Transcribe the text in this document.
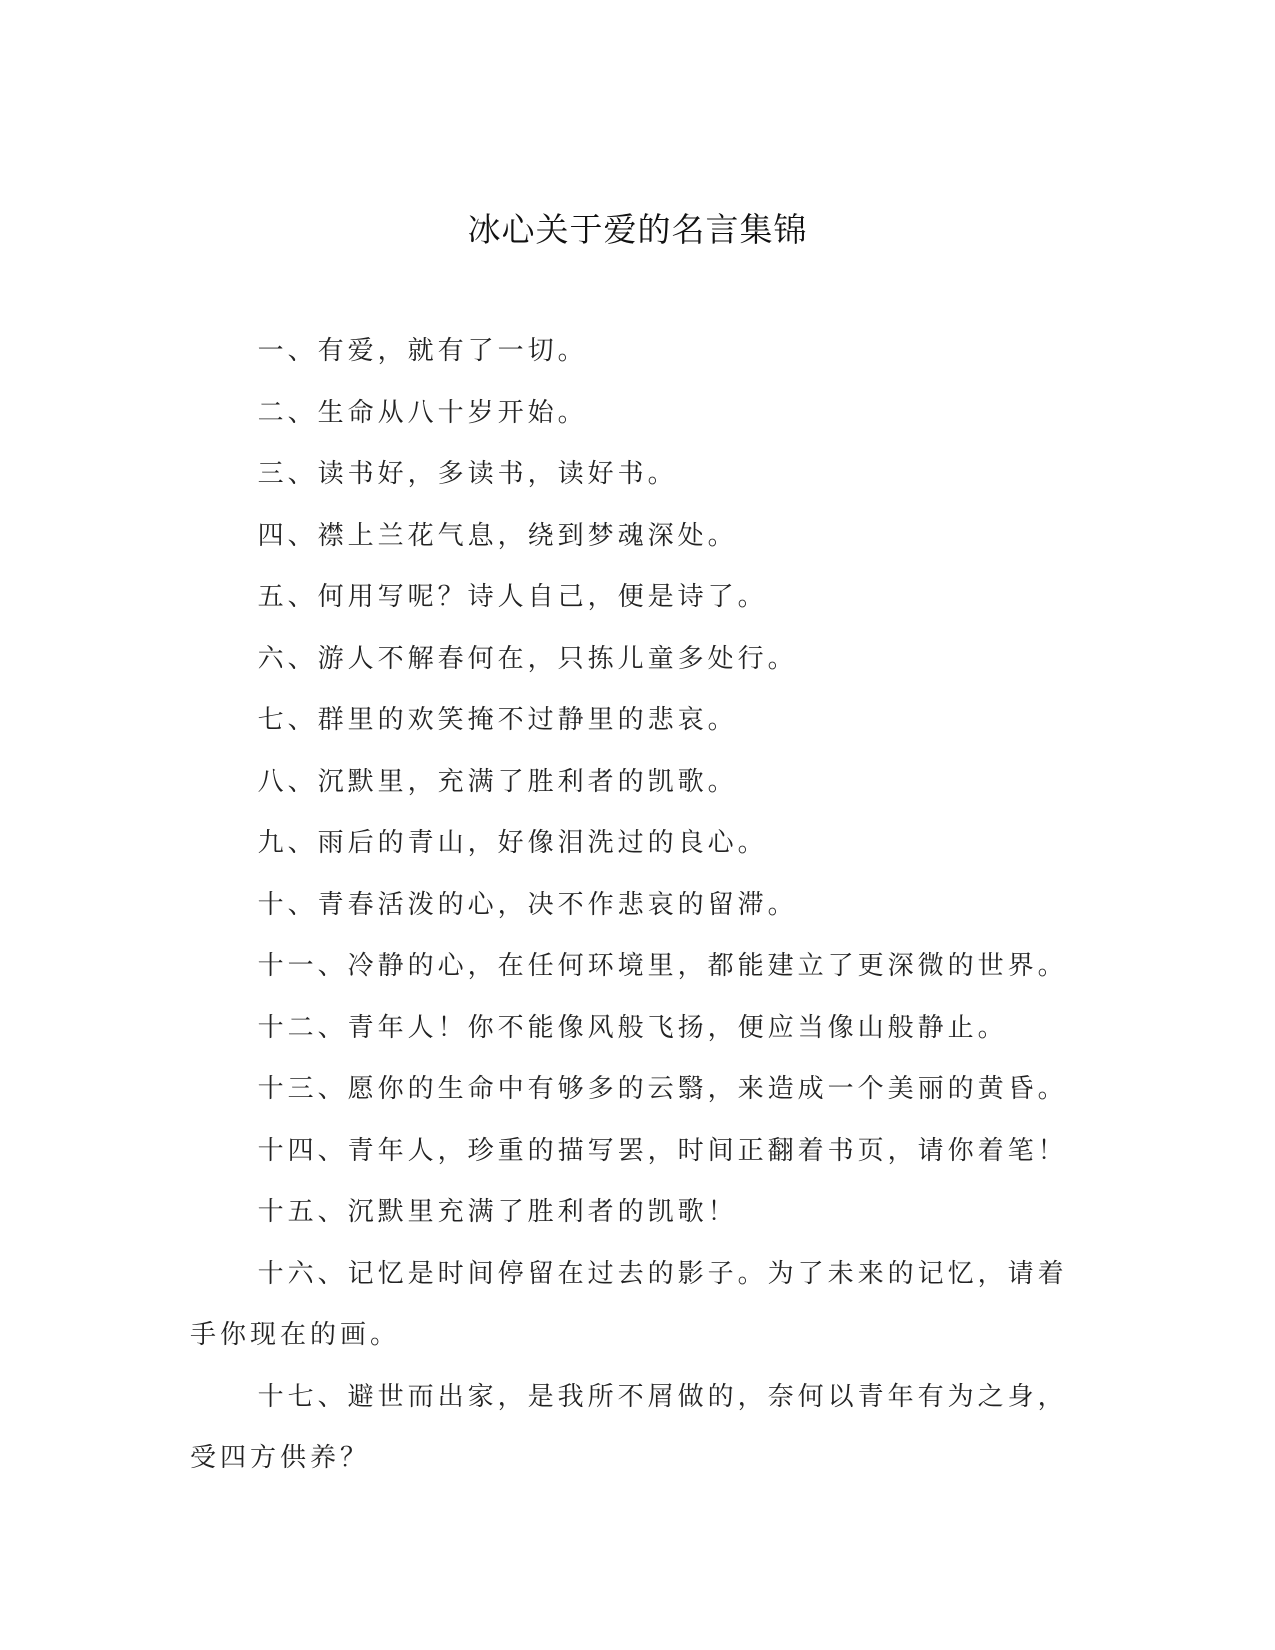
冰心关于爱的名言集锦

一、有爱，就有了一切。

二、生命从八十岁开始。

三、读书好，多读书，读好书。

四、襟上兰花气息，绕到梦魂深处。

五、何用写呢？诗人自己，便是诗了。

六、游人不解春何在，只拣儿童多处行。

七、群里的欢笑掩不过静里的悲哀。

八、沉默里，充满了胜利者的凯歌。

九、雨后的青山，好像泪洗过的良心。

十、青春活泼的心，决不作悲哀的留滞。

十一、冷静的心，在任何环境里，都能建立了更深微的世界。

十二、青年人！你不能像风般飞扬，便应当像山般静止。

十三、愿你的生命中有够多的云翳，来造成一个美丽的黄昏。

十四、青年人，珍重的描写罢，时间正翻着书页，请你着笔！

十五、沉默里充满了胜利者的凯歌！

十六、记忆是时间停留在过去的影子。为了未来的记忆，请着手你现在的画。

十七、避世而出家，是我所不屑做的，奈何以青年有为之身，受四方供养？
